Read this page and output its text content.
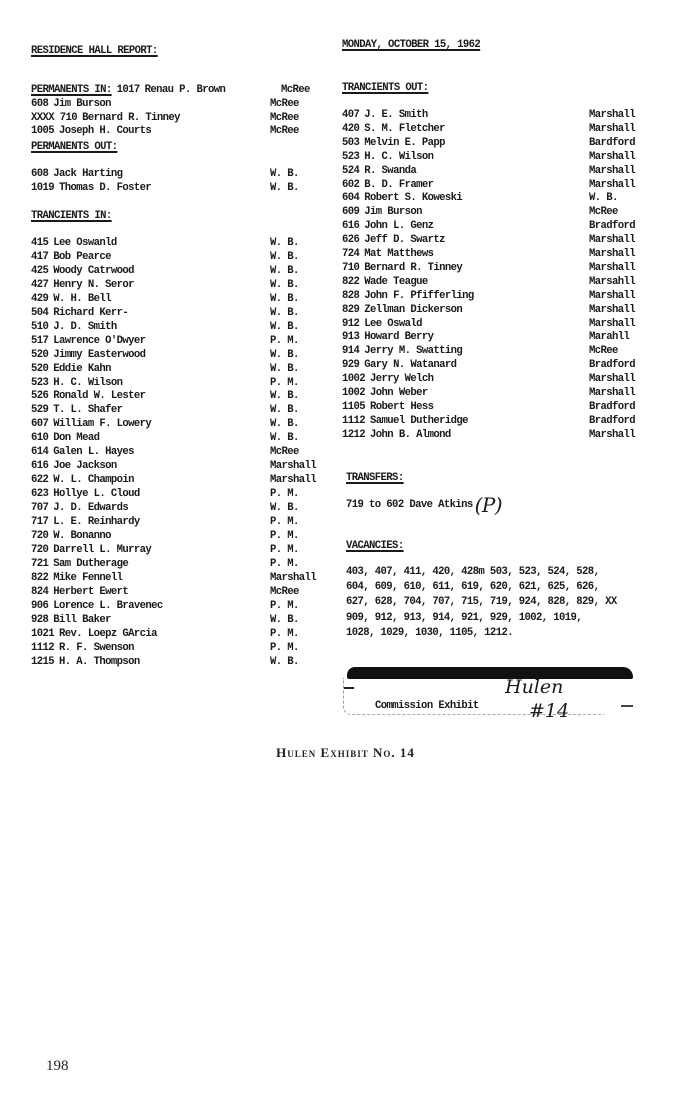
RESIDENCE HALL REPORT:	MONDAY, OCTOBER 15, 1962
PERMANENTS IN: 1017 Renau P. Brown	McRee
608 Jim Burson	McRee
XXXX 710 Bernard R. Tinney	McRee
1005 Joseph H. Courts	McRee
PERMANENTS OUT:
608 Jack Harting	W. B.
1019 Thomas D. Foster	W. B.
TRANCIENTS IN:
415 Lee Oswanld	W. B.
417 Bob Pearce	W. B.
425 Woody Catrwood	W. B.
427 Henry N. Seror	W. B.
429 W. H. Bell	W. B.
504 Richard Kerr-	W. B.
510 J. D. Smith	W. B.
517 Lawrence O'Dwyer	P. M.
520 Jimmy Easterwood	W. B.
520 Eddie Kahn	W. B.
523 H. C. Wilson	P. M.
526 Ronald W. Lester	W. B.
529 T. L. Shafer	W. B.
607 William F. Lowery	W. B.
610 Don Mead	W. B.
614 Galen L. Hayes	McRee
616 Joe Jackson	Marshall
622 W. L. Champoin	Marshall
623 Hollye L. Cloud	P. M.
707 J. D. Edwards	W. B.
717 L. E. Reinhardy	P. M.
720 W. Bonanno	P. M.
720 Darrell L. Murray	P. M.
721 Sam Dutherage	P. M.
822 Mike Fennell	Marshall
824 Herbert Ewert	McRee
906 Lorence L. Bravenec	P. M.
928 Bill Baker	W. B.
1021 Rev. Loepz GArcia	P. M.
1112 R. F. Swenson	P. M.
1215 H. A. Thompson	W. B.
TRANCIENTS OUT:
407 J. E. Smith	Marshall
420 S. M. Fletcher	Marshall
503 Melvin E. Papp	Bardford
523 H. C. Wilson	Marshall
524 R. Swanda	Marshall
602 B. D. Framer	Marshall
604 Robert S. Koweski	W. B.
609 Jim Burson	McRee
616 John L. Genz	Bradford
626 Jeff D. Swartz	Marshall
724 Mat Matthews	Marshall
710 Bernard R. Tinney	Marshall
822 Wade Teague	Marsahll
828 John F. Pfifferling	Marshall
829 Zellman Dickerson	Marshall
912 Lee Oswald	Marshall
913 Howard Berry	Marahll
914 Jerry M. Swatting	McRee
929 Gary N. Watanard	Bradford
1002 Jerry Welch	Marshall
1002 John Weber	Marshall
1105 Robert Hess	Bradford
1112 Samuel Dutheridge	Bradford
1212 John B. Almond	Marshall
TRANSFERS:
719 to 602 Dave Atkins (P)
VACANCIES:
403, 407, 411, 420, 428m 503, 523, 524, 528,
604, 609, 610, 611, 619, 620, 621, 625, 626,
627, 628, 704, 707, 715, 719, 924, 828, 829, XX
909, 912, 913, 914, 921, 929, 1002, 1019,
1028, 1029, 1030, 1105, 1212.
Commission Exhibit
Hulen
#14
Hulen Exhibit No. 14
198
